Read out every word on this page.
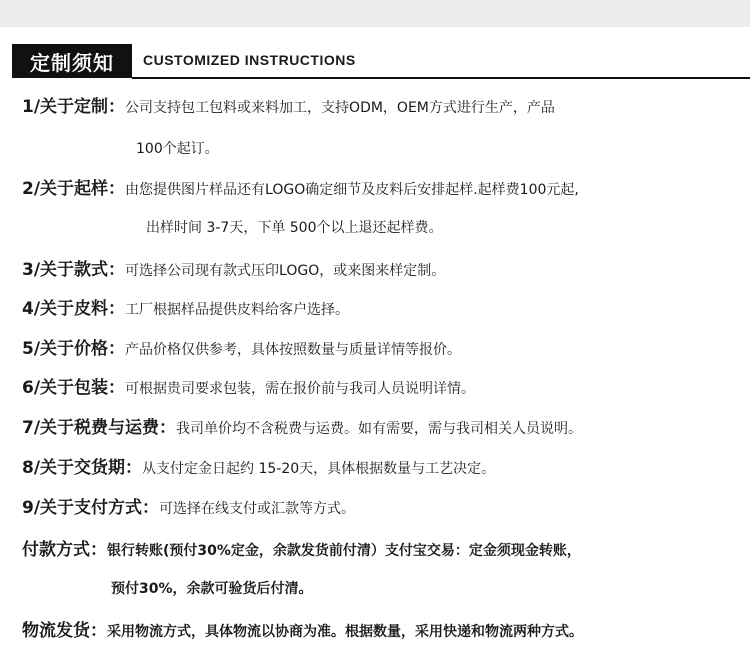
定制须知	CUSTOMIZED INSTRUCTIONS
1/关于定制：公司支持包工包料或来料加工，支持ODM，OEM方式进行生产，产品
100个起订。
2/关于起样：由您提供图片样品还有LOGO确定细节及皮料后安排起样.起样费100元起,
出样时间 3-7天，下单 500个以上退还起样费。
3/关于款式：可选择公司现有款式压印LOGO，或来图来样定制。
4/关于皮料：工厂根据样品提供皮料给客户选择。
5/关于价格：产品价格仅供参考，具体按照数量与质量详情等报价。
6/关于包装：可根据贵司要求包装，需在报价前与我司人员说明详情。
7/关于税费与运费：我司单价均不含税费与运费。如有需要，需与我司相关人员说明。
8/关于交货期：从支付定金日起约 15-20天，具体根据数量与工艺决定。
9/关于支付方式：可选择在线支付或汇款等方式。
付款方式：银行转账(预付30%定金，余款发货前付清）支付宝交易：定金须现金转账，
预付30%，余款可验货后付清。
物流发货：采用物流方式，具体物流以协商为准。根据数量，采用快递和物流两种方式。
